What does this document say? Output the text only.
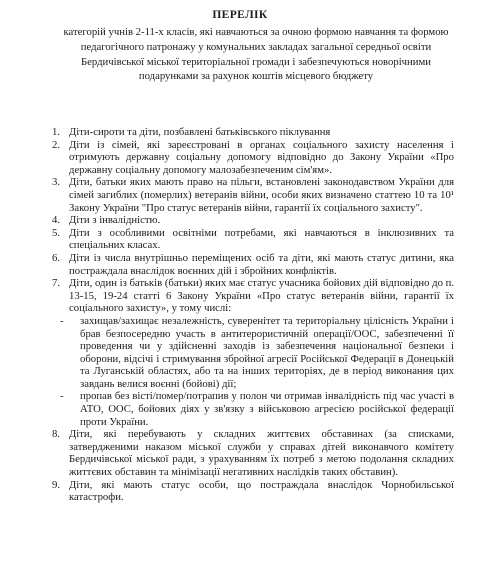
ПЕРЕЛІК
категорій учнів 2-11-х класів, які навчаються за очною формою навчання та формою педагогічного патронажу у комунальних закладах загальної середньої освіти Бердичівської міської територіальної громади і забезпечуються новорічними подарунками за рахунок коштів місцевого бюджету
1. Діти-сироти та діти, позбавлені батьківського піклування
2. Діти із сімей, які зареєстровані в органах соціального захисту населення і отримують державну соціальну допомогу відповідно до Закону України «Про державну соціальну допомогу малозабезпеченим сім'ям».
3. Діти, батьки яких мають право на пільги, встановлені законодавством України для сімей загиблих (померлих) ветеранів війни, особи яких визначено статтею 10 та 10¹ Закону України "Про статус ветеранів війни, гарантії їх соціального захисту".
4. Діти з інвалідністю.
5. Діти з особливими освітніми потребами, які навчаються в інклюзивних та спеціальних класах.
6. Діти із числа внутрішньо переміщених осіб та діти, які мають статус дитини, яка постраждала внаслідок воєнних дій і збройних конфліктів.
7. Діти, один із батьків (батьки) яких має статус учасника бойових дій відповідно до п. 13-15, 19-24 статті 6 Закону України «Про статус ветеранів війни, гарантії їх соціального захисту», у тому числі:
- захищав/захищає незалежність, суверенітет та територіальну цілісність України і брав безпосередню участь в антитерористичній операції/ООС, забезпеченні її проведення чи у здійсненні заходів із забезпечення національної безпеки і оборони, відсічі і стримування збройної агресії Російської Федерації в Донецькій та Луганській областях, або та на інших територіях, де в період виконання цих завдань велися воєнні (бойові) дії;
- пропав без вісті/помер/потрапив у полон чи отримав інвалідність під час участі в АТО, ООС, бойових діях у зв'язку з військовою агресією російської федерації проти України.
8. Діти, які перебувають у складних життєвих обставинах (за списками, затвердженими наказом міської служби у справах дітей виконавчого комітету Бердичівської міської ради, з урахуванням їх потреб з метою подолання складних життєвих обставин та мінімізації негативних наслідків таких обставин).
9. Діти, які мають статус особи, що постраждала внаслідок Чорнобильської катастрофи.
